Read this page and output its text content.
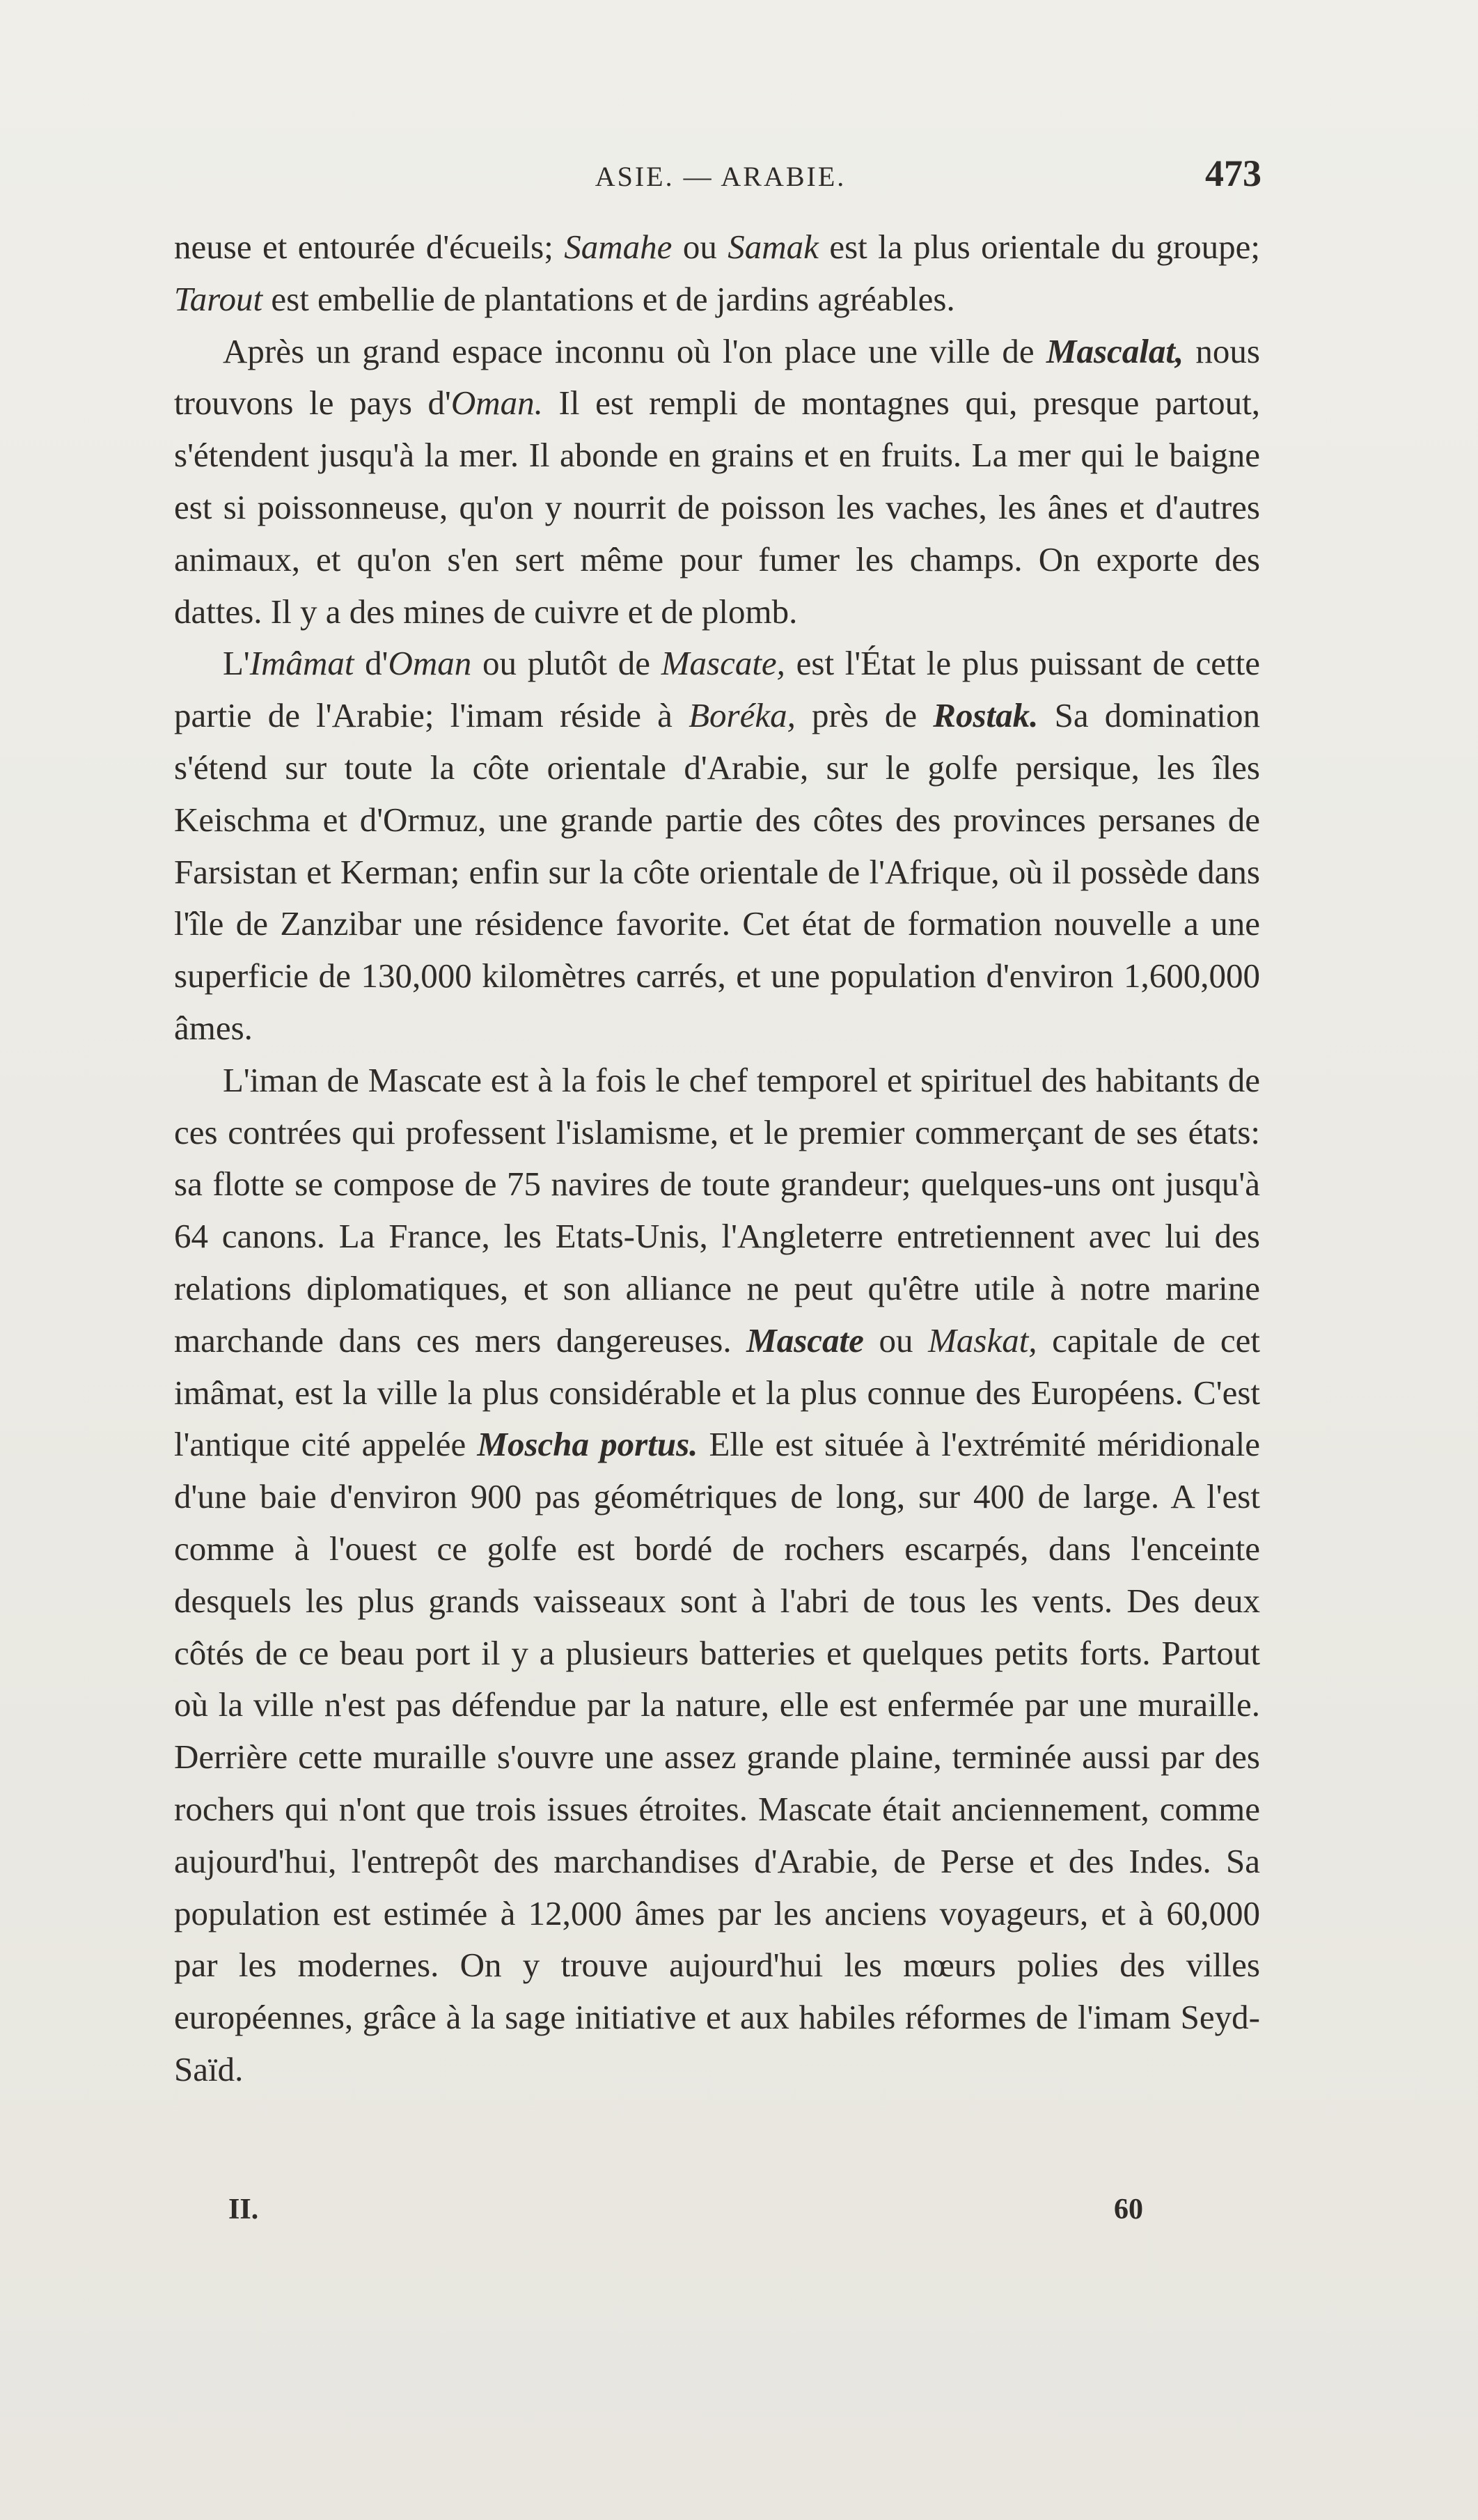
ASIE. — ARABIE.	473

neuse et entourée d'écueils; Samahe ou Samak est la plus orientale du groupe; Tarout est embellie de plantations et de jardins agréables.

Après un grand espace inconnu où l'on place une ville de Mascalat, nous trouvons le pays d'Oman. Il est rempli de montagnes qui, presque partout, s'étendent jusqu'à la mer. Il abonde en grains et en fruits. La mer qui le baigne est si poissonneuse, qu'on y nourrit de poisson les vaches, les ânes et d'autres animaux, et qu'on s'en sert même pour fumer les champs. On exporte des dattes. Il y a des mines de cuivre et de plomb.

L'Imâmat d'Oman ou plutôt de Mascate, est l'État le plus puissant de cette partie de l'Arabie; l'imam réside à Boréka, près de Rostak. Sa domination s'étend sur toute la côte orientale d'Arabie, sur le golfe persique, les îles Keischma et d'Ormuz, une grande partie des côtes des provinces persanes de Farsistan et Kerman; enfin sur la côte orientale de l'Afrique, où il possède dans l'île de Zanzibar une résidence favorite. Cet état de formation nouvelle a une superficie de 130,000 kilomètres carrés, et une population d'environ 1,600,000 âmes.

L'iman de Mascate est à la fois le chef temporel et spirituel des habitants de ces contrées qui professent l'islamisme, et le premier commerçant de ses états: sa flotte se compose de 75 navires de toute grandeur; quelques-uns ont jusqu'à 64 canons. La France, les Etats-Unis, l'Angleterre entretiennent avec lui des relations diplomatiques, et son alliance ne peut qu'être utile à notre marine marchande dans ces mers dangereuses. Mascate ou Maskat, capitale de cet imâmat, est la ville la plus considérable et la plus connue des Européens. C'est l'antique cité appelée Moscha portus. Elle est située à l'extrémité méridionale d'une baie d'environ 900 pas géométriques de long, sur 400 de large. A l'est comme à l'ouest ce golfe est bordé de rochers escarpés, dans l'enceinte desquels les plus grands vaisseaux sont à l'abri de tous les vents. Des deux côtés de ce beau port il y a plusieurs batteries et quelques petits forts. Partout où la ville n'est pas défendue par la nature, elle est enfermée par une muraille. Derrière cette muraille s'ouvre une assez grande plaine, terminée aussi par des rochers qui n'ont que trois issues étroites. Mascate était anciennement, comme aujourd'hui, l'entrepôt des marchandises d'Arabie, de Perse et des Indes. Sa population est estimée à 12,000 âmes par les anciens voyageurs, et à 60,000 par les modernes. On y trouve aujourd'hui les mœurs polies des villes européennes, grâce à la sage initiative et aux habiles réformes de l'imam Seyd-Saïd.

II.	60
